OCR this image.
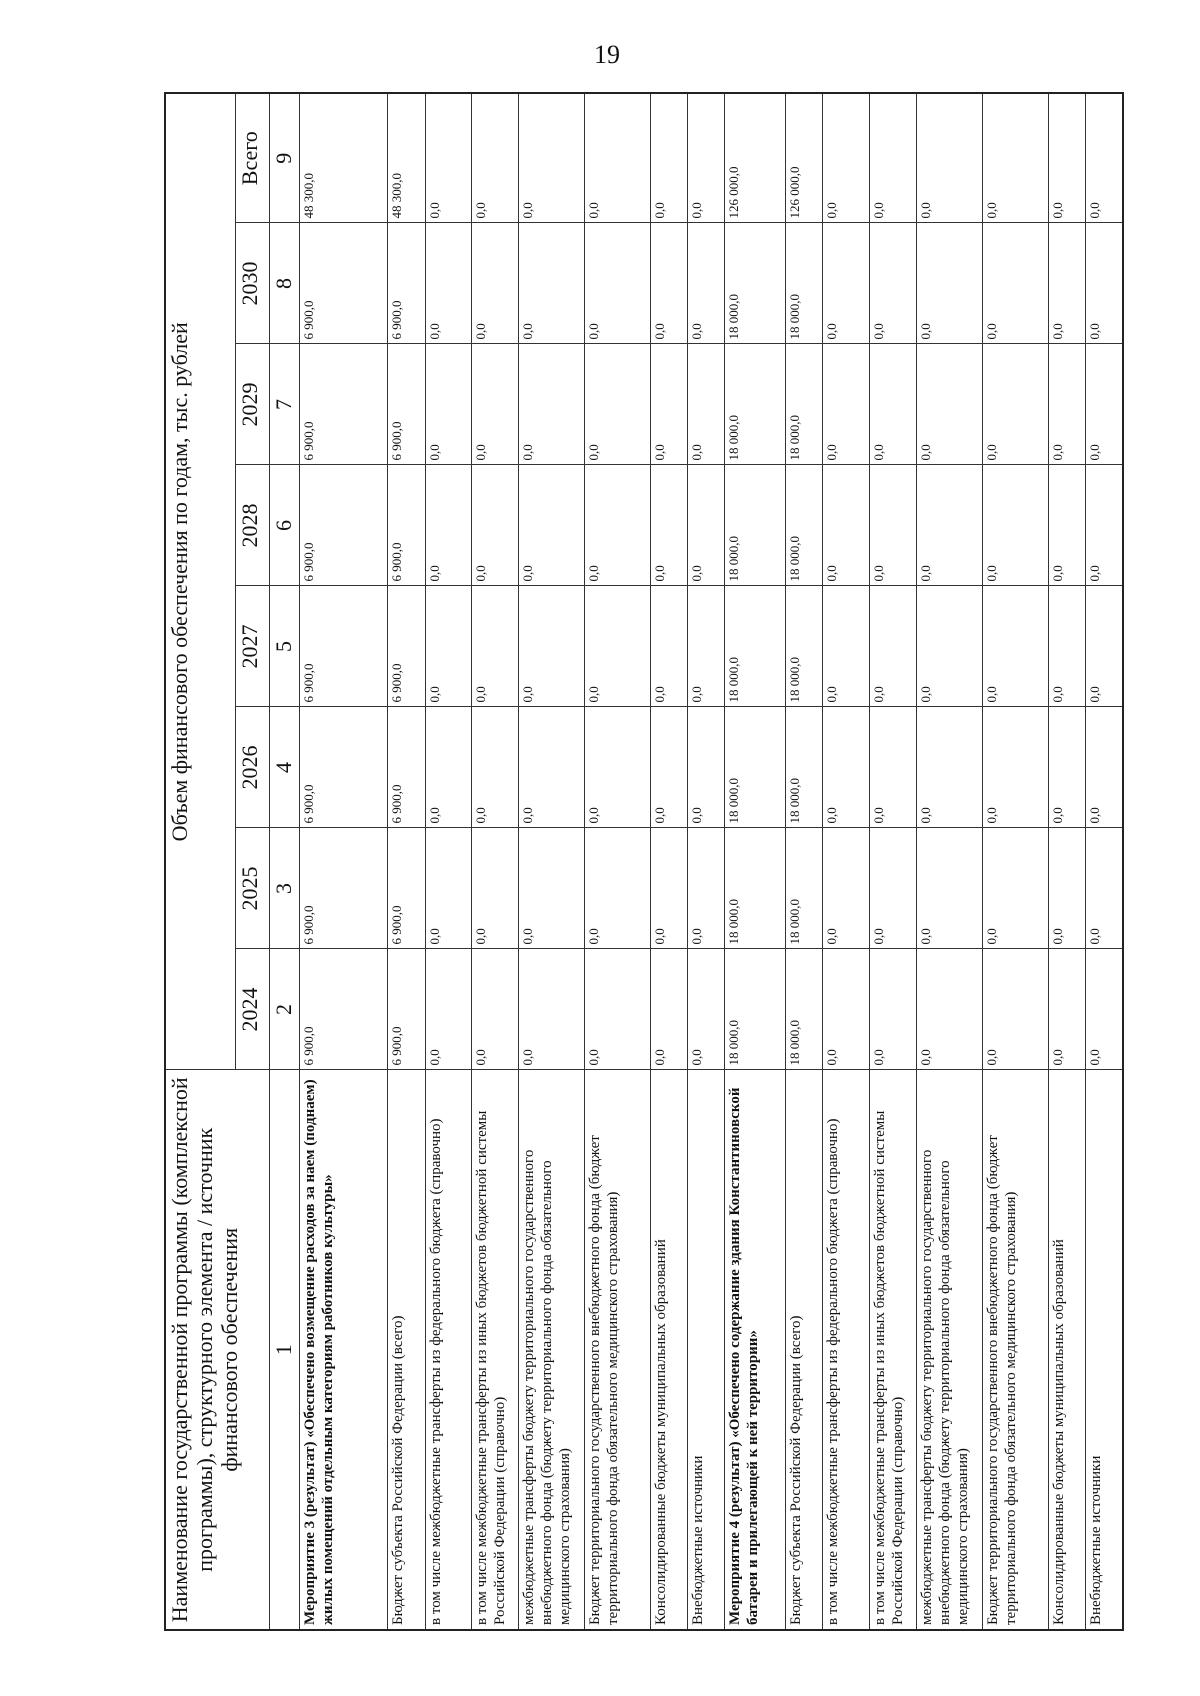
19
Наименование государственной программы (комплексной программы), структурного элемента / источник финансового обеспечения	Объем финансового обеспечения по годам, тыс. рублей							
	2024	2025	2026	2027	2028	2029	2030	Всего
1	2	3	4	5	6	7	8	9
Мероприятие 3 (результат) «Обеспечено возмещение расходов за наем (поднаем) жилых помещений отдельным категориям работников культуры»	6 900,0	6 900,0	6 900,0	6 900,0	6 900,0	6 900,0	6 900,0	48 300,0
Бюджет субъекта Российской Федерации (всего)	6 900,0	6 900,0	6 900,0	6 900,0	6 900,0	6 900,0	6 900,0	48 300,0
в том числе межбюджетные трансферты из федерального бюджета (справочно)	0,0	0,0	0,0	0,0	0,0	0,0	0,0	0,0
в том числе межбюджетные трансферты из иных бюджетов бюджетной системы Российской Федерации (справочно)	0,0	0,0	0,0	0,0	0,0	0,0	0,0	0,0
межбюджетные трансферты бюджету территориального государственного внебюджетного фонда (бюджету территориального фонда обязательного медицинского страхования)	0,0	0,0	0,0	0,0	0,0	0,0	0,0	0,0
Бюджет территориального государственного внебюджетного фонда (бюджет территориального фонда обязательного медицинского страхования)	0,0	0,0	0,0	0,0	0,0	0,0	0,0	0,0
Консолидированные бюджеты муниципальных образований	0,0	0,0	0,0	0,0	0,0	0,0	0,0	0,0
Внебюджетные источники	0,0	0,0	0,0	0,0	0,0	0,0	0,0	0,0
Мероприятие 4 (результат) «Обеспечено содержание здания Константиновской батареи и прилегающей к ней территории»	18 000,0	18 000,0	18 000,0	18 000,0	18 000,0	18 000,0	18 000,0	126 000,0
Бюджет субъекта Российской Федерации (всего)	18 000,0	18 000,0	18 000,0	18 000,0	18 000,0	18 000,0	18 000,0	126 000,0
в том числе межбюджетные трансферты из федерального бюджета (справочно)	0,0	0,0	0,0	0,0	0,0	0,0	0,0	0,0
в том числе межбюджетные трансферты из иных бюджетов бюджетной системы Российской Федерации (справочно)	0,0	0,0	0,0	0,0	0,0	0,0	0,0	0,0
межбюджетные трансферты бюджету территориального государственного внебюджетного фонда (бюджету территориального фонда обязательного медицинского страхования)	0,0	0,0	0,0	0,0	0,0	0,0	0,0	0,0
Бюджет территориального государственного внебюджетного фонда (бюджет территориального фонда обязательного медицинского страхования)	0,0	0,0	0,0	0,0	0,0	0,0	0,0	0,0
Консолидированные бюджеты муниципальных образований	0,0	0,0	0,0	0,0	0,0	0,0	0,0	0,0
Внебюджетные источники	0,0	0,0	0,0	0,0	0,0	0,0	0,0	0,0
